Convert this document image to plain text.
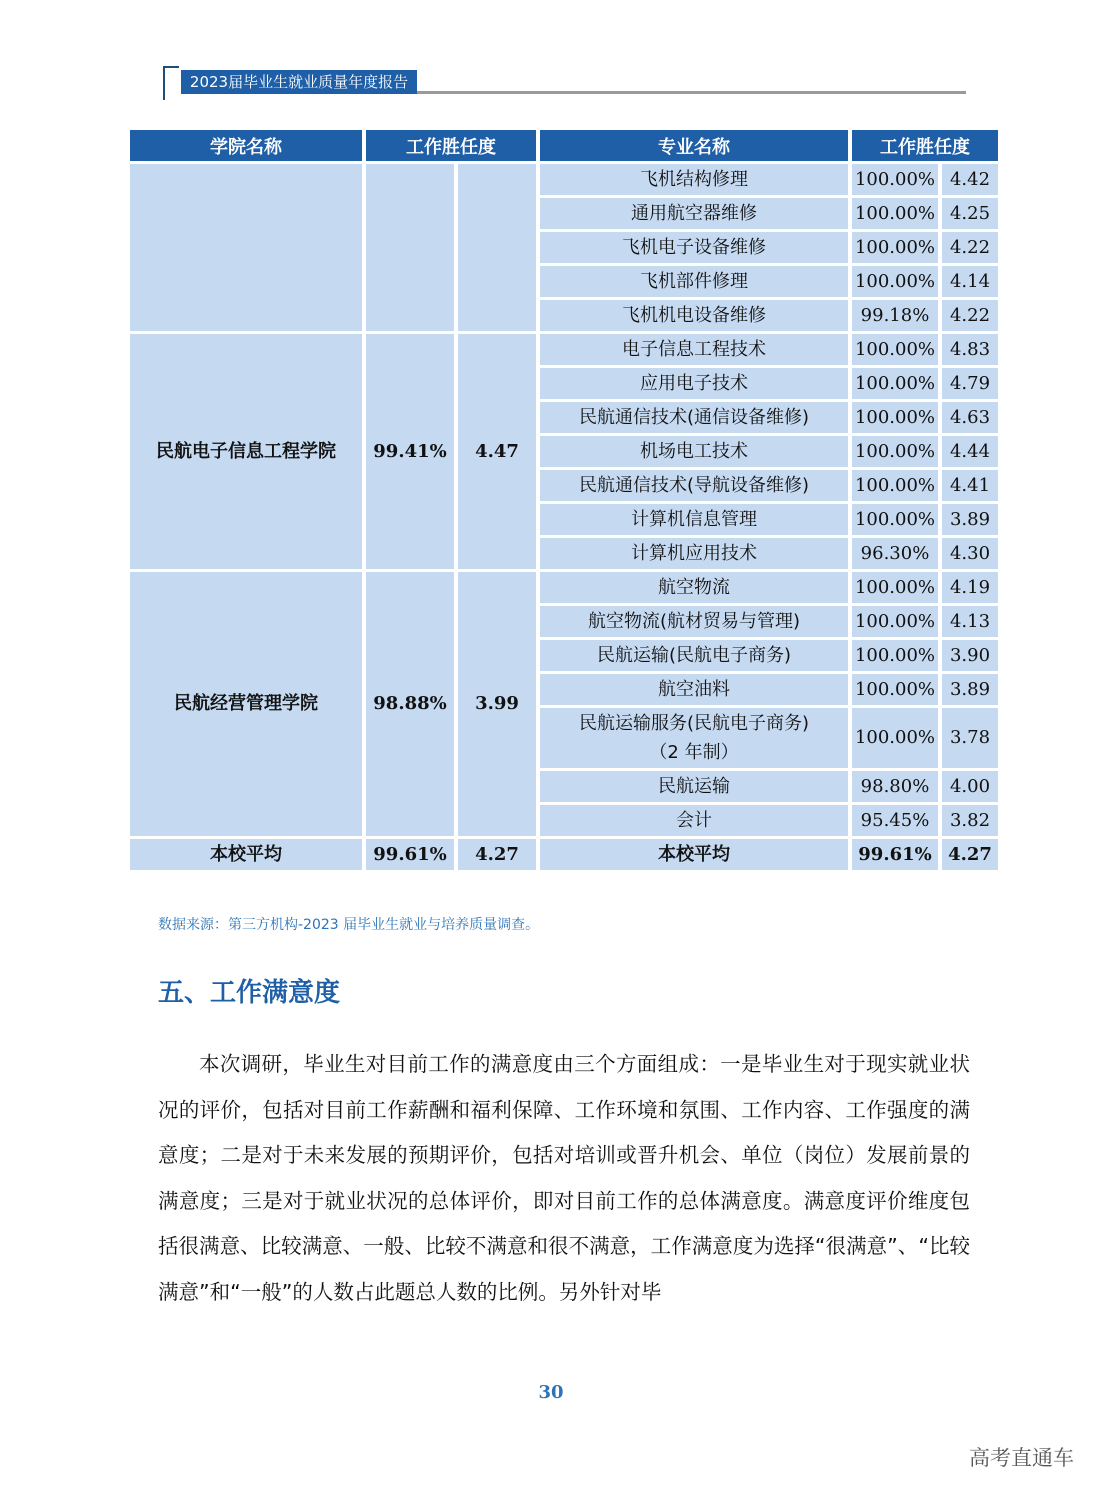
2023届毕业生就业质量年度报告
学院名称	工作胜任度		专业名称	工作胜任度	
			飞机结构修理	100.00%	4.42
			通用航空器维修	100.00%	4.25
			飞机电子设备维修	100.00%	4.22
			飞机部件修理	100.00%	4.14
			飞机机电设备维修	99.18%	4.22
民航电子信息工程学院	99.41%	4.47	电子信息工程技术	100.00%	4.83
			应用电子技术	100.00%	4.79
			民航通信技术(通信设备维修)	100.00%	4.63
			机场电工技术	100.00%	4.44
			民航通信技术(导航设备维修)	100.00%	4.41
			计算机信息管理	100.00%	3.89
			计算机应用技术	96.30%	4.30
民航经营管理学院	98.88%	3.99	航空物流	100.00%	4.19
			航空物流(航材贸易与管理)	100.00%	4.13
			民航运输(民航电子商务)	100.00%	3.90
			航空油料	100.00%	3.89

			民航运输服务(民航电子商务)
（2 年制）	100.00%	3.78
			民航运输	98.80%	4.00
			会计	95.45%	3.82
本校平均	99.61%	4.27	本校平均	99.61%	4.27
数据来源：第三方机构-2023 届毕业生就业与培养质量调查。
五、工作满意度

本次调研，毕业生对目前工作的满意度由三个方面组成：一是毕业生对于现实就业状况的评价，包括对目前工作薪酬和福利保障、工作环境和氛围、工作内容、工作强度的满意度；二是对于未来发展的预期评价，包括对培训或晋升机会、单位（岗位）发展前景的满意度；三是对于就业状况的总体评价，即对目前工作的总体满意度。满意度评价维度包括很满意、比较满意、一般、比较不满意和很不满意，工作满意度为选择“很满意”、“比较满意”和“一般”的人数占此题总人数的比例。另外针对毕

30
高考直通车
